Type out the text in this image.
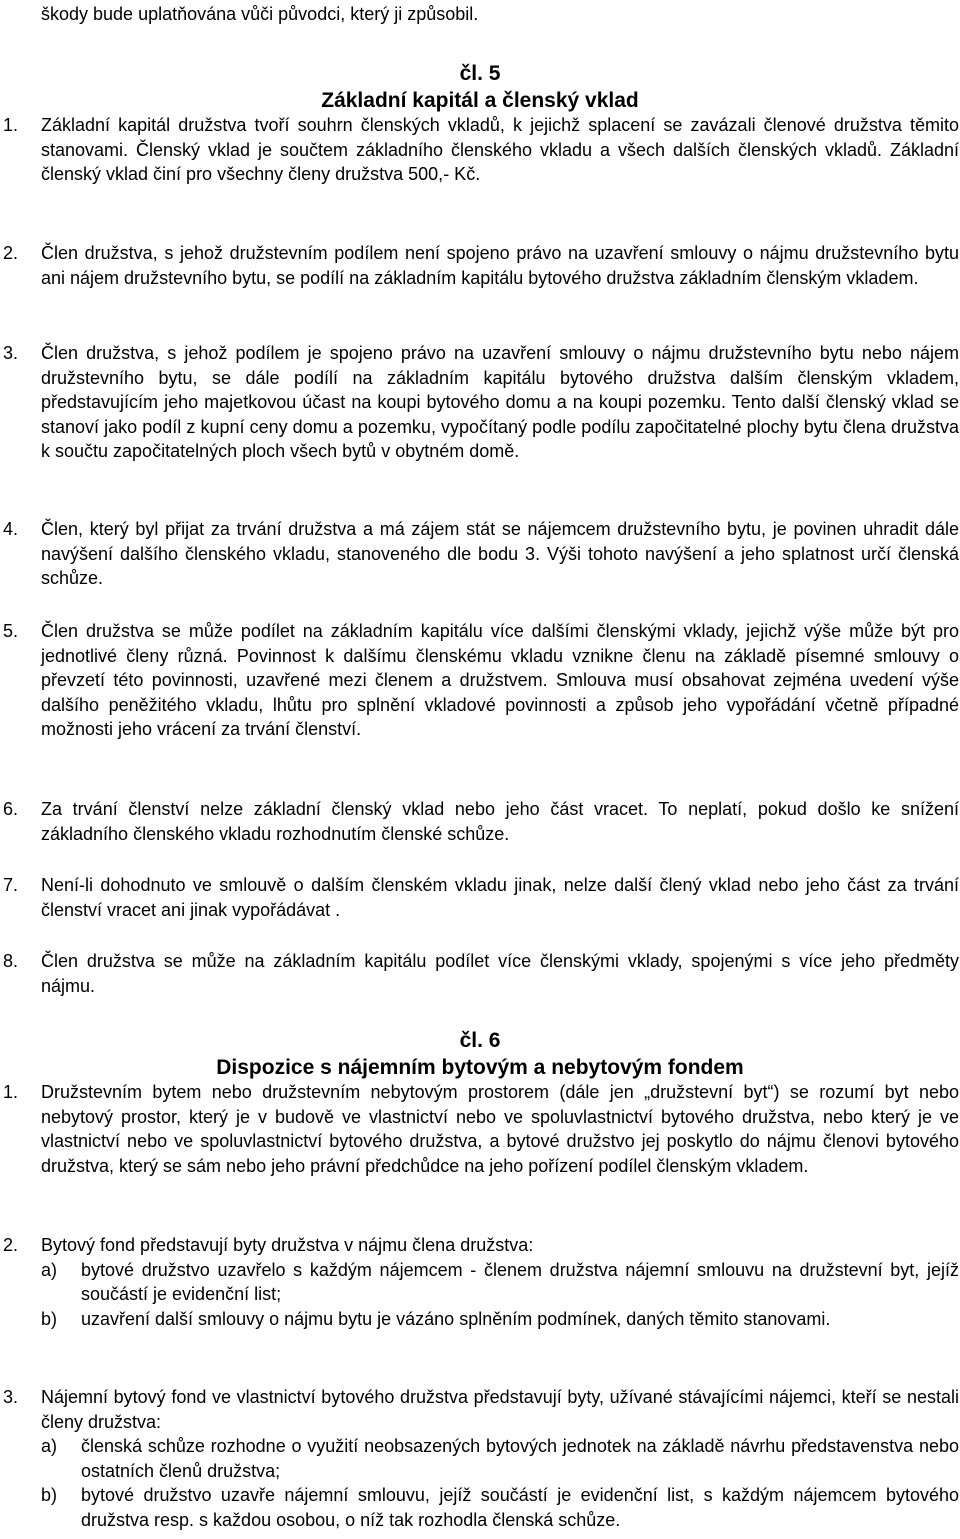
škody bude uplatňována vůči původci, který ji způsobil.

čl. 5
Základní kapitál a členský vklad
1.	Základní kapitál družstva tvoří souhrn členských vkladů, k jejichž splacení se zavázali členové družstva těmito stanovami. Členský vklad je součtem základního členského vkladu a všech dalších členských vkladů. Základní členský vklad činí pro všechny členy družstva 500,- Kč.
2.	Člen družstva, s jehož družstevním podílem není spojeno právo na uzavření smlouvy o nájmu družstevního bytu ani nájem družstevního bytu, se podílí na základním kapitálu bytového družstva základním členským vkladem.
3.	Člen družstva, s jehož podílem je spojeno právo na uzavření smlouvy o nájmu družstevního bytu nebo nájem družstevního bytu, se dále podílí na základním kapitálu bytového družstva dalším členským vkladem, představujícím jeho majetkovou účast na koupi bytového domu a na koupi pozemku. Tento další členský vklad se stanoví jako podíl z kupní ceny domu a pozemku, vypočítaný podle podílu započitatelné plochy bytu člena družstva k součtu započitatelných ploch všech bytů v obytném domě.
4.	Člen, který byl přijat za trvání družstva a má zájem stát se nájemcem družstevního bytu, je povinen uhradit dále navýšení dalšího členského vkladu, stanoveného dle bodu 3. Výši tohoto navýšení a jeho splatnost určí členská schůze.
5.	Člen družstva se může podílet na základním kapitálu více dalšími členskými vklady, jejichž výše může být pro jednotlivé členy různá. Povinnost k dalšímu členskému vkladu vznikne členu na základě písemné smlouvy o převzetí této povinnosti, uzavřené mezi členem a družstvem. Smlouva musí obsahovat zejména uvedení výše dalšího peněžitého vkladu, lhůtu pro splnění vkladové povinnosti a způsob jeho vypořádání včetně případné možnosti jeho vrácení za trvání členství.
6.	Za trvání členství nelze základní členský vklad nebo jeho část vracet. To neplatí, pokud došlo ke snížení základního členského vkladu rozhodnutím členské schůze.
7.	Není-li dohodnuto ve smlouvě o dalším členském vkladu jinak, nelze další člený vklad nebo jeho část za trvání členství vracet ani jinak vypořádávat .
8.	Člen družstva se může na základním kapitálu podílet více členskými vklady, spojenými s více jeho předměty nájmu.
čl. 6
Dispozice s nájemním bytovým a nebytovým fondem
1.	Družstevním bytem nebo družstevním nebytovým prostorem (dále jen „družstevní byt“) se rozumí byt nebo nebytový prostor, který je v budově ve vlastnictví nebo ve spoluvlastnictví bytového družstva, nebo který je ve vlastnictví nebo ve spoluvlastnictví bytového družstva, a bytové družstvo jej poskytlo do nájmu členovi bytového družstva, který se sám nebo jeho právní předchůdce na jeho pořízení podílel členským vkladem.
2.	Bytový fond představují byty družstva v nájmu člena družstva:
a)	bytové družstvo uzavřelo s každým nájemcem - členem družstva nájemní smlouvu na družstevní byt, jejíž součástí je evidenční list;
b)	uzavření další smlouvy o nájmu bytu je vázáno splněním podmínek, daných těmito stanovami.
3.	Nájemní bytový fond ve vlastnictví bytového družstva představují byty, užívané stávajícími nájemci, kteří se nestali členy družstva:
a)	členská schůze rozhodne o využití neobsazených bytových jednotek na základě návrhu představenstva nebo ostatních členů družstva;
b)	bytové družstvo uzavře nájemní smlouvu, jejíž součástí je evidenční list, s každým nájemcem bytového družstva resp. s každou osobou, o níž tak rozhodla členská schůze.
